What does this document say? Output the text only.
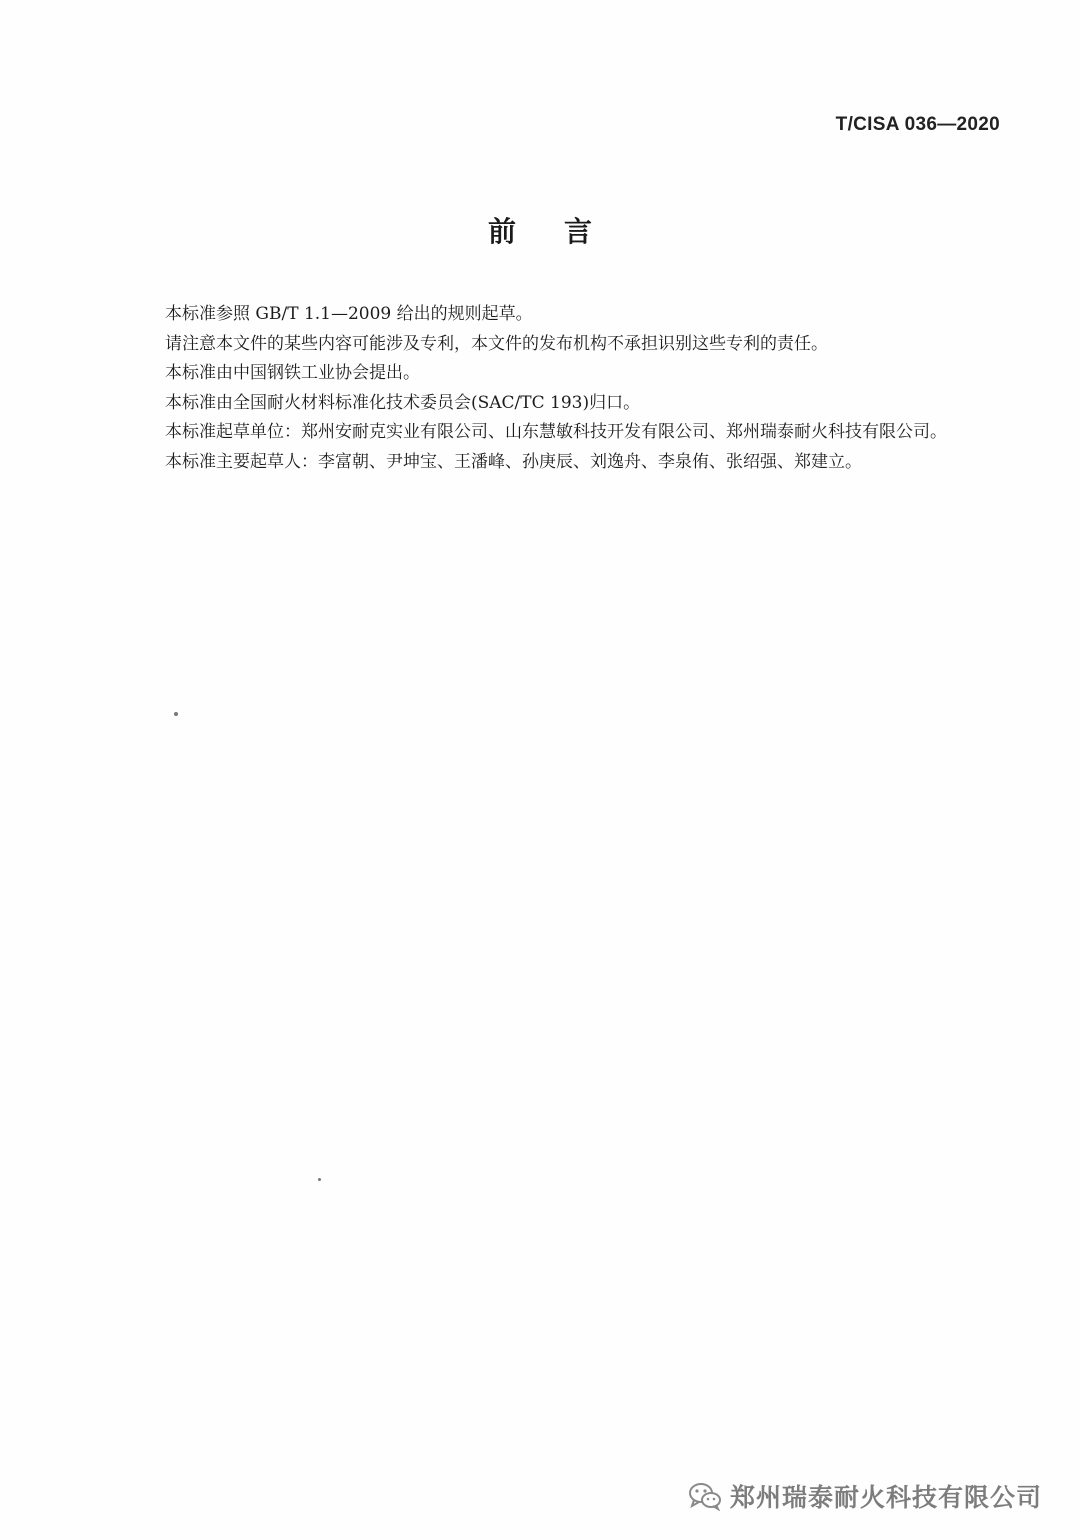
T/CISA 036—2020
前言
本标准参照 GB/T 1.1—2009 给出的规则起草。
请注意本文件的某些内容可能涉及专利，本文件的发布机构不承担识别这些专利的责任。
本标准由中国钢铁工业协会提出。
本标准由全国耐火材料标准化技术委员会(SAC/TC 193)归口。
本标准起草单位：郑州安耐克实业有限公司、山东慧敏科技开发有限公司、郑州瑞泰耐火科技有限公司。
本标准主要起草人：李富朝、尹坤宝、王潘峰、孙庚辰、刘逸舟、李泉侑、张绍强、郑建立。
郑州瑞泰耐火科技有限公司
